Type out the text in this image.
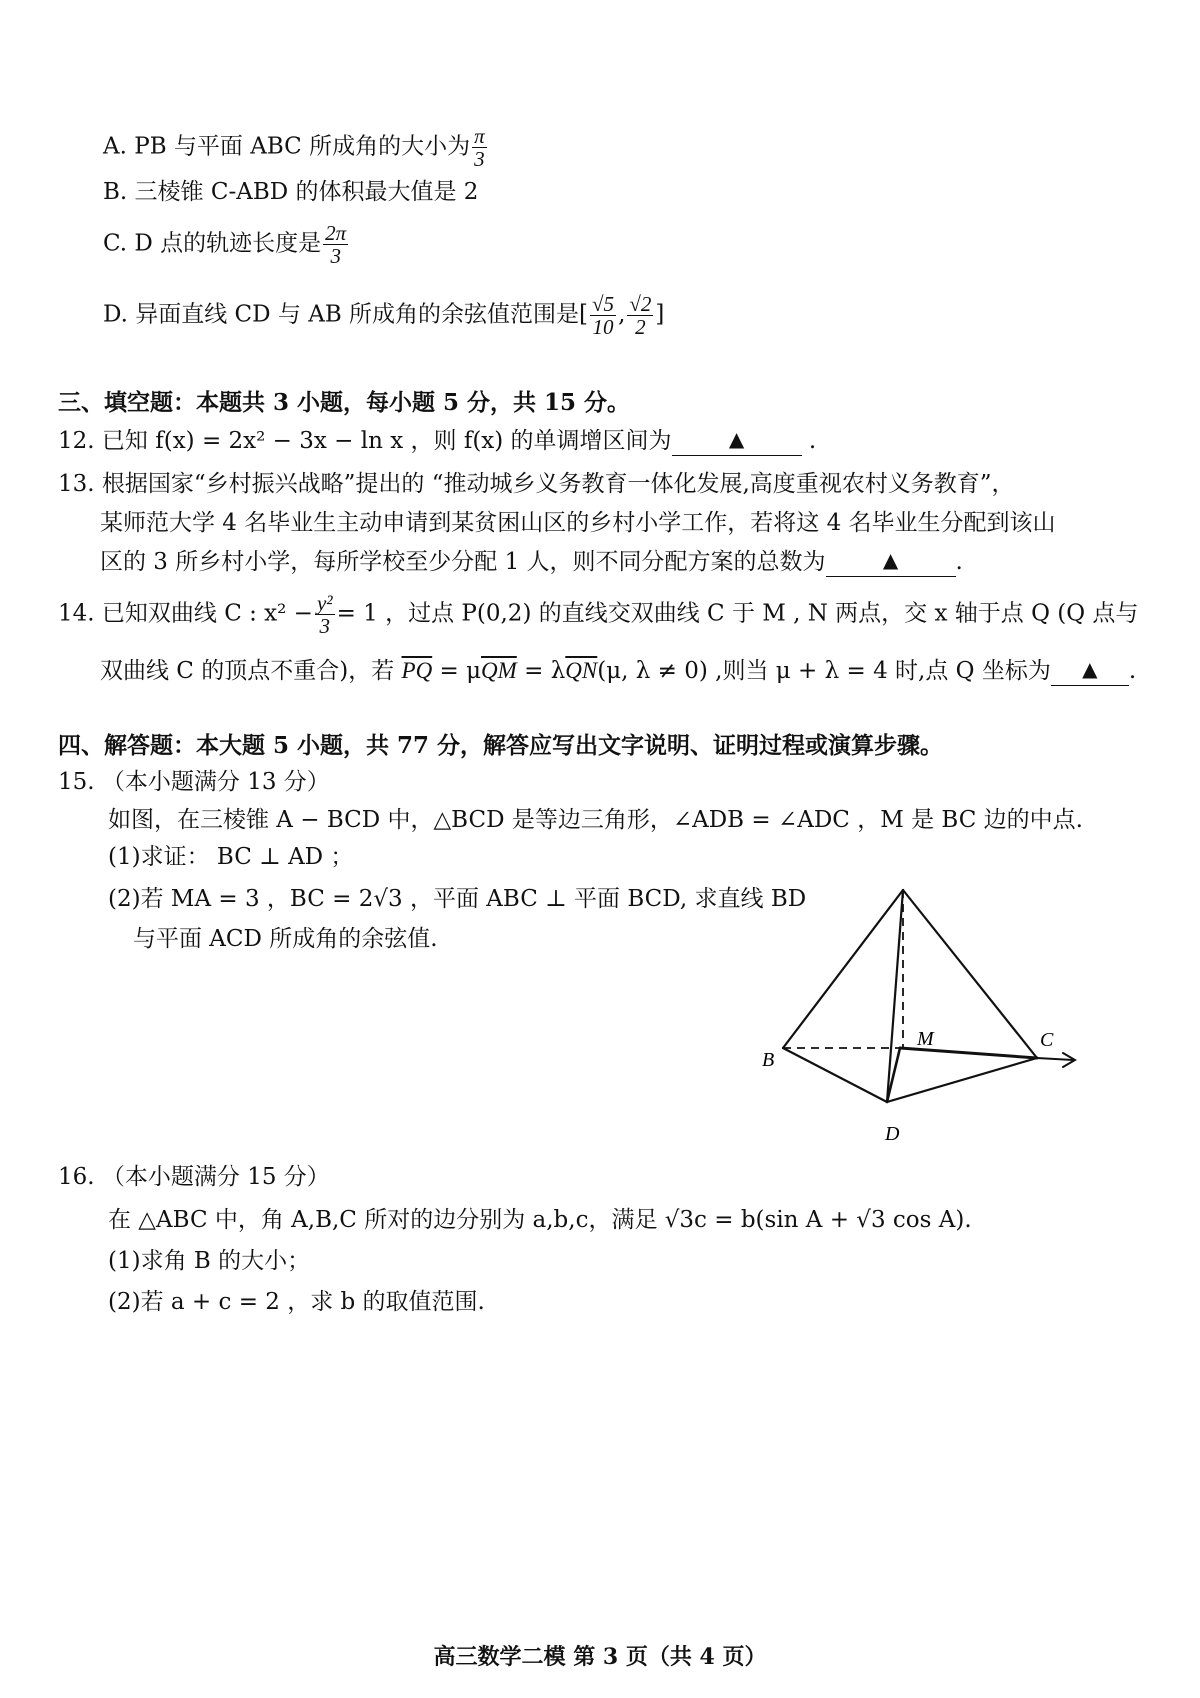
A. PB 与平面 ABC 所成角的大小为 $\frac{\pi}{3}$
B. 三棱锥 C-ABD 的体积最大值是 2
C. D 点的轨迹长度是 $\frac{2\pi}{3}$
D. 异面直线 CD 与 AB 所成角的余弦值范围是[ $\frac{√5}{10}$ , $\frac{√2}{2}$ ]
三、填空题：本题共 3 小题，每小题 5 分，共 15 分。
12. 已知 f(x) = 2x² − 3x − ln x ，则 f(x) 的单调增区间为	▲ .
13. 根据国家“乡村振兴战略”提出的 “推动城乡义务教育一体化发展,高度重视农村义务教育”，
某师范大学 4 名毕业生主动申请到某贫困山区的乡村小学工作，若将这 4 名毕业生分配到该山
区的 3 所乡村小学，每所学校至少分配 1 人，则不同分配方案的总数为	▲ .
14. 已知双曲线 C : $x^2 - \frac{\text{y²}}{3} = 1$ ，过点 P(0,2) 的直线交双曲线 C 于 M , N 两点，交 x 轴于点 Q (Q 点与
双曲线 C 的顶点不重合)，若 $\overline{PQ} = \mu\overline{QM} = \lambda\overline{QN}(\mu$, λ ≠ 0) ,则当 μ + λ = 4 时,点 Q 坐标为 ▲ .
四、解答题：本大题 5 小题，共 77 分，解答应写出文字说明、证明过程或演算步骤。
15. （本小题满分 13 分）
如图，在三棱锥 A − BCD 中，△BCD 是等边三角形，∠ADB = ∠ADC ，M 是 BC 边的中点.
(1)求证： BC ⊥ AD ；
(2)若 MA = 3 ，BC = 2√3 ，平面 ABC ⊥ 平面 BCD, 求直线 BD
与平面 ACD 所成角的余弦值.
B
C
D
M
16. （本小题满分 15 分）
在 △ABC 中，角 A,B,C 所对的边分别为 a,b,c，满足 √3c = b(sin A + √3 cos A).
(1)求角 B 的大小；
(2)若 a + c = 2 ，求 b 的取值范围.
高三数学二模 第 3 页（共 4 页）
